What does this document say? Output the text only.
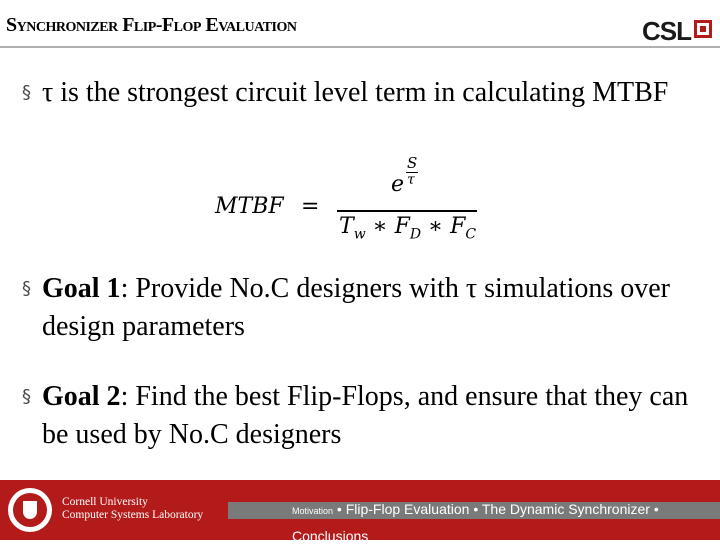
Synchronizer Flip-Flop Evaluation	CSL
§ τ is the strongest circuit level term in calculating MTBF
MTBF =
e
S
τ
$T_w$ ∗ $F_D$ ∗ $F_C$
§ Goal 1: Provide No.C designers with τ simulations over design parameters
§ Goal 2: Find the best Flip-Flops, and ensure that they can be used by No.C designers
Cornell University
Computer Systems Laboratory	Motivation • Flip-Flop Evaluation • The Dynamic Synchronizer • Conclusions
